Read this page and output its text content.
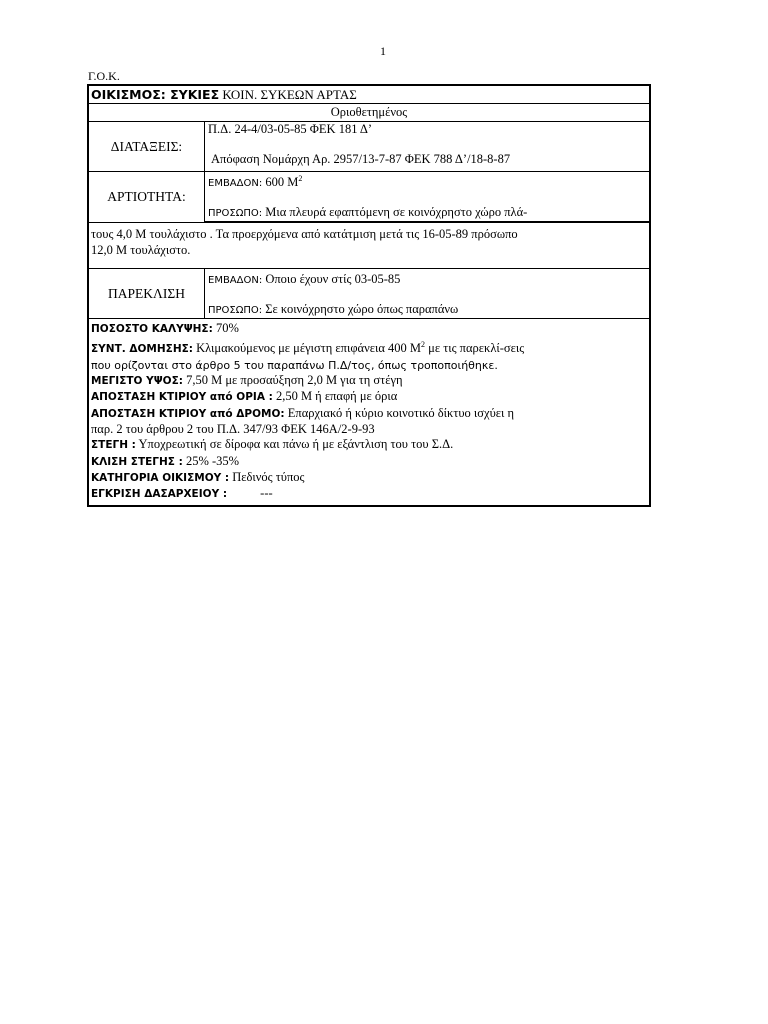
1
Γ.Ο.Κ.
ΟΙΚΙΣΜΟΣ: ΣΥΚΙΕΣ ΚΟΙΝ. ΣΥΚΕΩΝ ΑΡΤΑΣ
Οριοθετημένος
ΔΙΑΤΑΞΕΙΣ:
Π.Δ. 24-4/03-05-85 ΦΕΚ 181 Δ’
Απόφαση Νομάρχη Αρ. 2957/13-7-87 ΦΕΚ 788 Δ’/18-8-87
ΑΡΤΙΟΤΗΤΑ:
ΕΜΒΑΔΟΝ: 600 $M^2$
ΠΡΟΣΩΠΟ: Μια πλευρά εφαπτόμενη σε κοινόχρηστο χώρο πλά-
τους 4,0 Μ τουλάχιστο . Τα προερχόμενα από κατάτμιση μετά τις 16-05-89 πρόσωπο
12,0 Μ τουλάχιστο.
ΠΑΡΕΚΛΙΣΗ
ΕΜΒΑΔΟΝ: Οποιο έχουν στίς 03-05-85
ΠΡΟΣΩΠΟ: Σε κοινόχρηστο χώρο όπως παραπάνω
ΠΟΣΟΣΤΟ ΚΑΛΥΨΗΣ: 70%
ΣΥΝΤ. ΔΟΜΗΣΗΣ: Κλιμακούμενος με μέγιστη επιφάνεια 400 $M^2$ με τις παρεκλί-σεις
που ορίζονται στο άρθρο 5 του παραπάνω Π.Δ/τος, όπως τροποποιήθηκε.
ΜΕΓΙΣΤΟ ΥΨΟΣ: 7,50 Μ με προσαύξηση 2,0 Μ για τη στέγη
ΑΠΟΣΤΑΣΗ ΚΤΙΡΙΟΥ από ΟΡΙΑ : 2,50 Μ ή επαφή με όρια
ΑΠΟΣΤΑΣΗ ΚΤΙΡΙΟΥ από ΔΡΟΜΟ: Επαρχιακό ή κύριο κοινοτικό δίκτυο ισχύει η
παρ. 2 του άρθρου 2 του Π.Δ. 347/93 ΦΕΚ 146Α/2-9-93
ΣΤΕΓΗ : Υποχρεωτική σε δίροφα και πάνω ή με εξάντλιση του του Σ.Δ.
ΚΛΙΣΗ ΣΤΕΓΗΣ : 25% -35%
ΚΑΤΗΓΟΡΙΑ ΟΙΚΙΣΜΟΥ : Πεδινός τύπος
ΕΓΚΡΙΣΗ ΔΑΣΑΡΧΕΙΟΥ :	---
